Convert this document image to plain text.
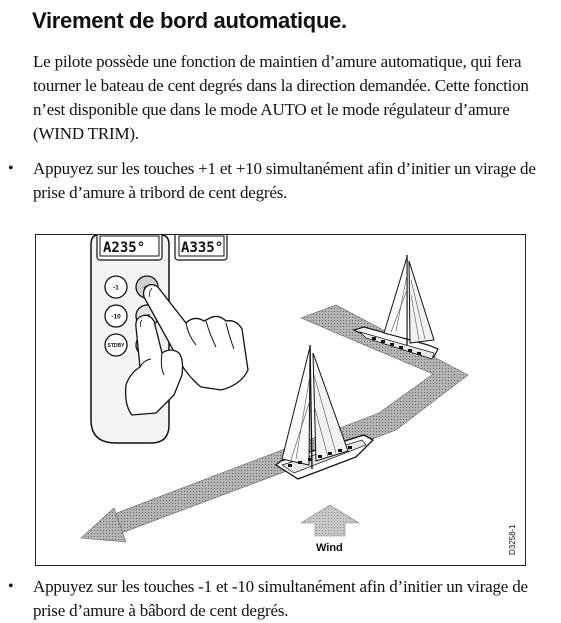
Virement de bord automatique.
Le pilote possède une fonction de maintien d’amure automatique, qui fera tourner le bateau de cent degrés dans la direction demandée. Cette fonction n’est disponible que dans le mode AUTO et le mode régulateur d’amure (WIND TRIM).
• Appuyez sur les touches +1 et +10 simultanément afin d’initier un virage de prise d’amure à tribord de cent degrés.
Wind	D3258-1
A235°	A335°
-1
-10
STDBY
• Appuyez sur les touches -1 et -10 simultanément afin d’initier un virage de prise d’amure à bâbord de cent degrés.
